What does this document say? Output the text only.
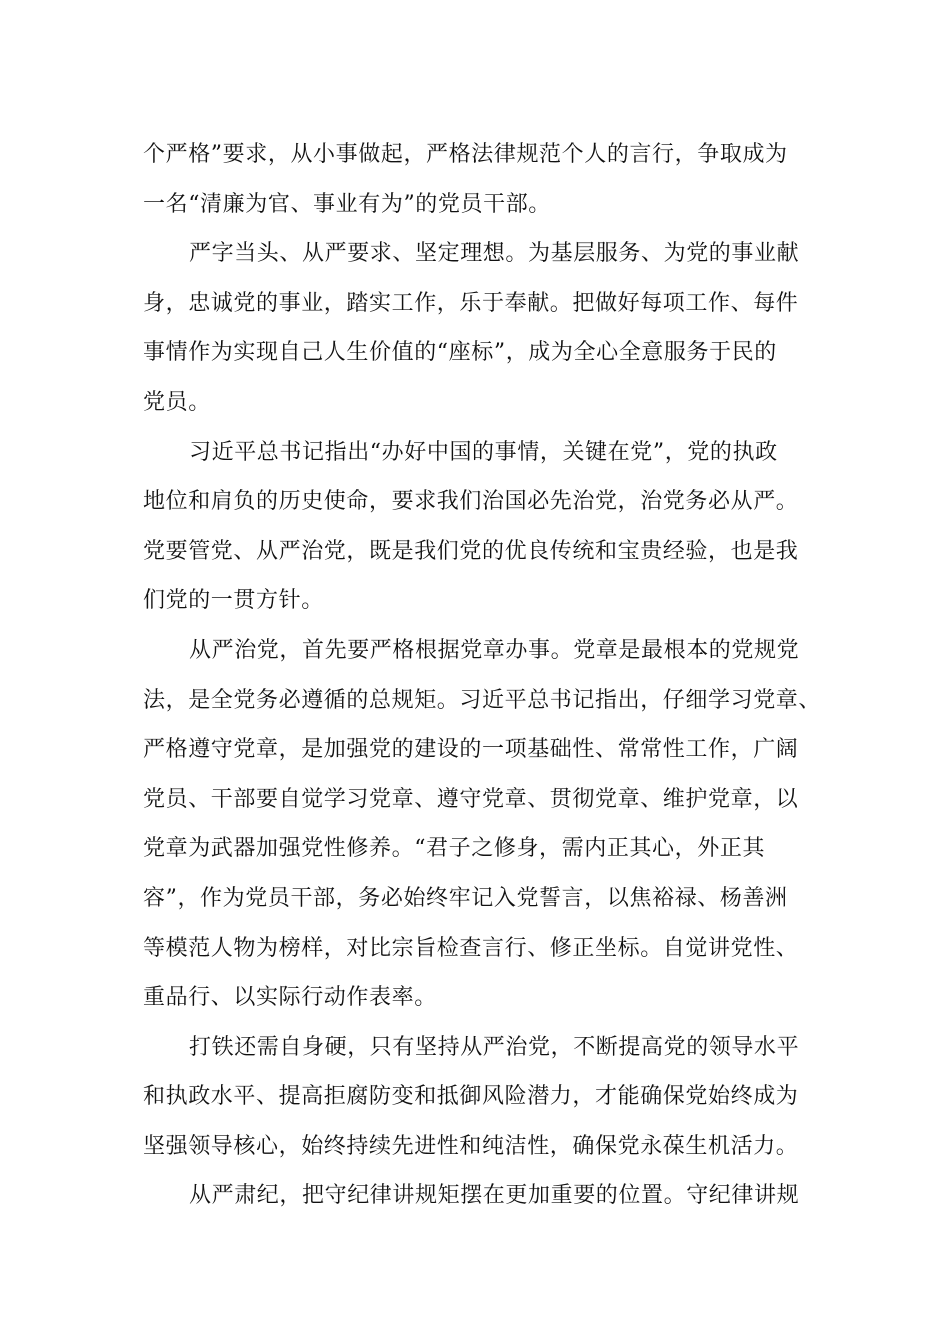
个严格”要求，从小事做起，严格法律规范个人的言行，争取成为
一名“清廉为官、事业有为”的党员干部。

严字当头、从严要求、坚定理想。为基层服务、为党的事业献
身，忠诚党的事业，踏实工作，乐于奉献。把做好每项工作、每件
事情作为实现自己人生价值的“座标”，成为全心全意服务于民的
党员。

习近平总书记指出“办好中国的事情，关键在党”，党的执政
地位和肩负的历史使命，要求我们治国必先治党，治党务必从严。
党要管党、从严治党，既是我们党的优良传统和宝贵经验，也是我
们党的一贯方针。

从严治党，首先要严格根据党章办事。党章是最根本的党规党
法，是全党务必遵循的总规矩。习近平总书记指出，仔细学习党章、
严格遵守党章，是加强党的建设的一项基础性、常常性工作，广阔
党员、干部要自觉学习党章、遵守党章、贯彻党章、维护党章，以
党章为武器加强党性修养。“君子之修身，需内正其心，外正其
容”，作为党员干部，务必始终牢记入党誓言，以焦裕禄、杨善洲
等模范人物为榜样，对比宗旨检查言行、修正坐标。自觉讲党性、
重品行、以实际行动作表率。

打铁还需自身硬，只有坚持从严治党，不断提高党的领导水平
和执政水平、提高拒腐防变和抵御风险潜力，才能确保党始终成为
坚强领导核心，始终持续先进性和纯洁性，确保党永葆生机活力。

从严肃纪，把守纪律讲规矩摆在更加重要的位置。守纪律讲规
